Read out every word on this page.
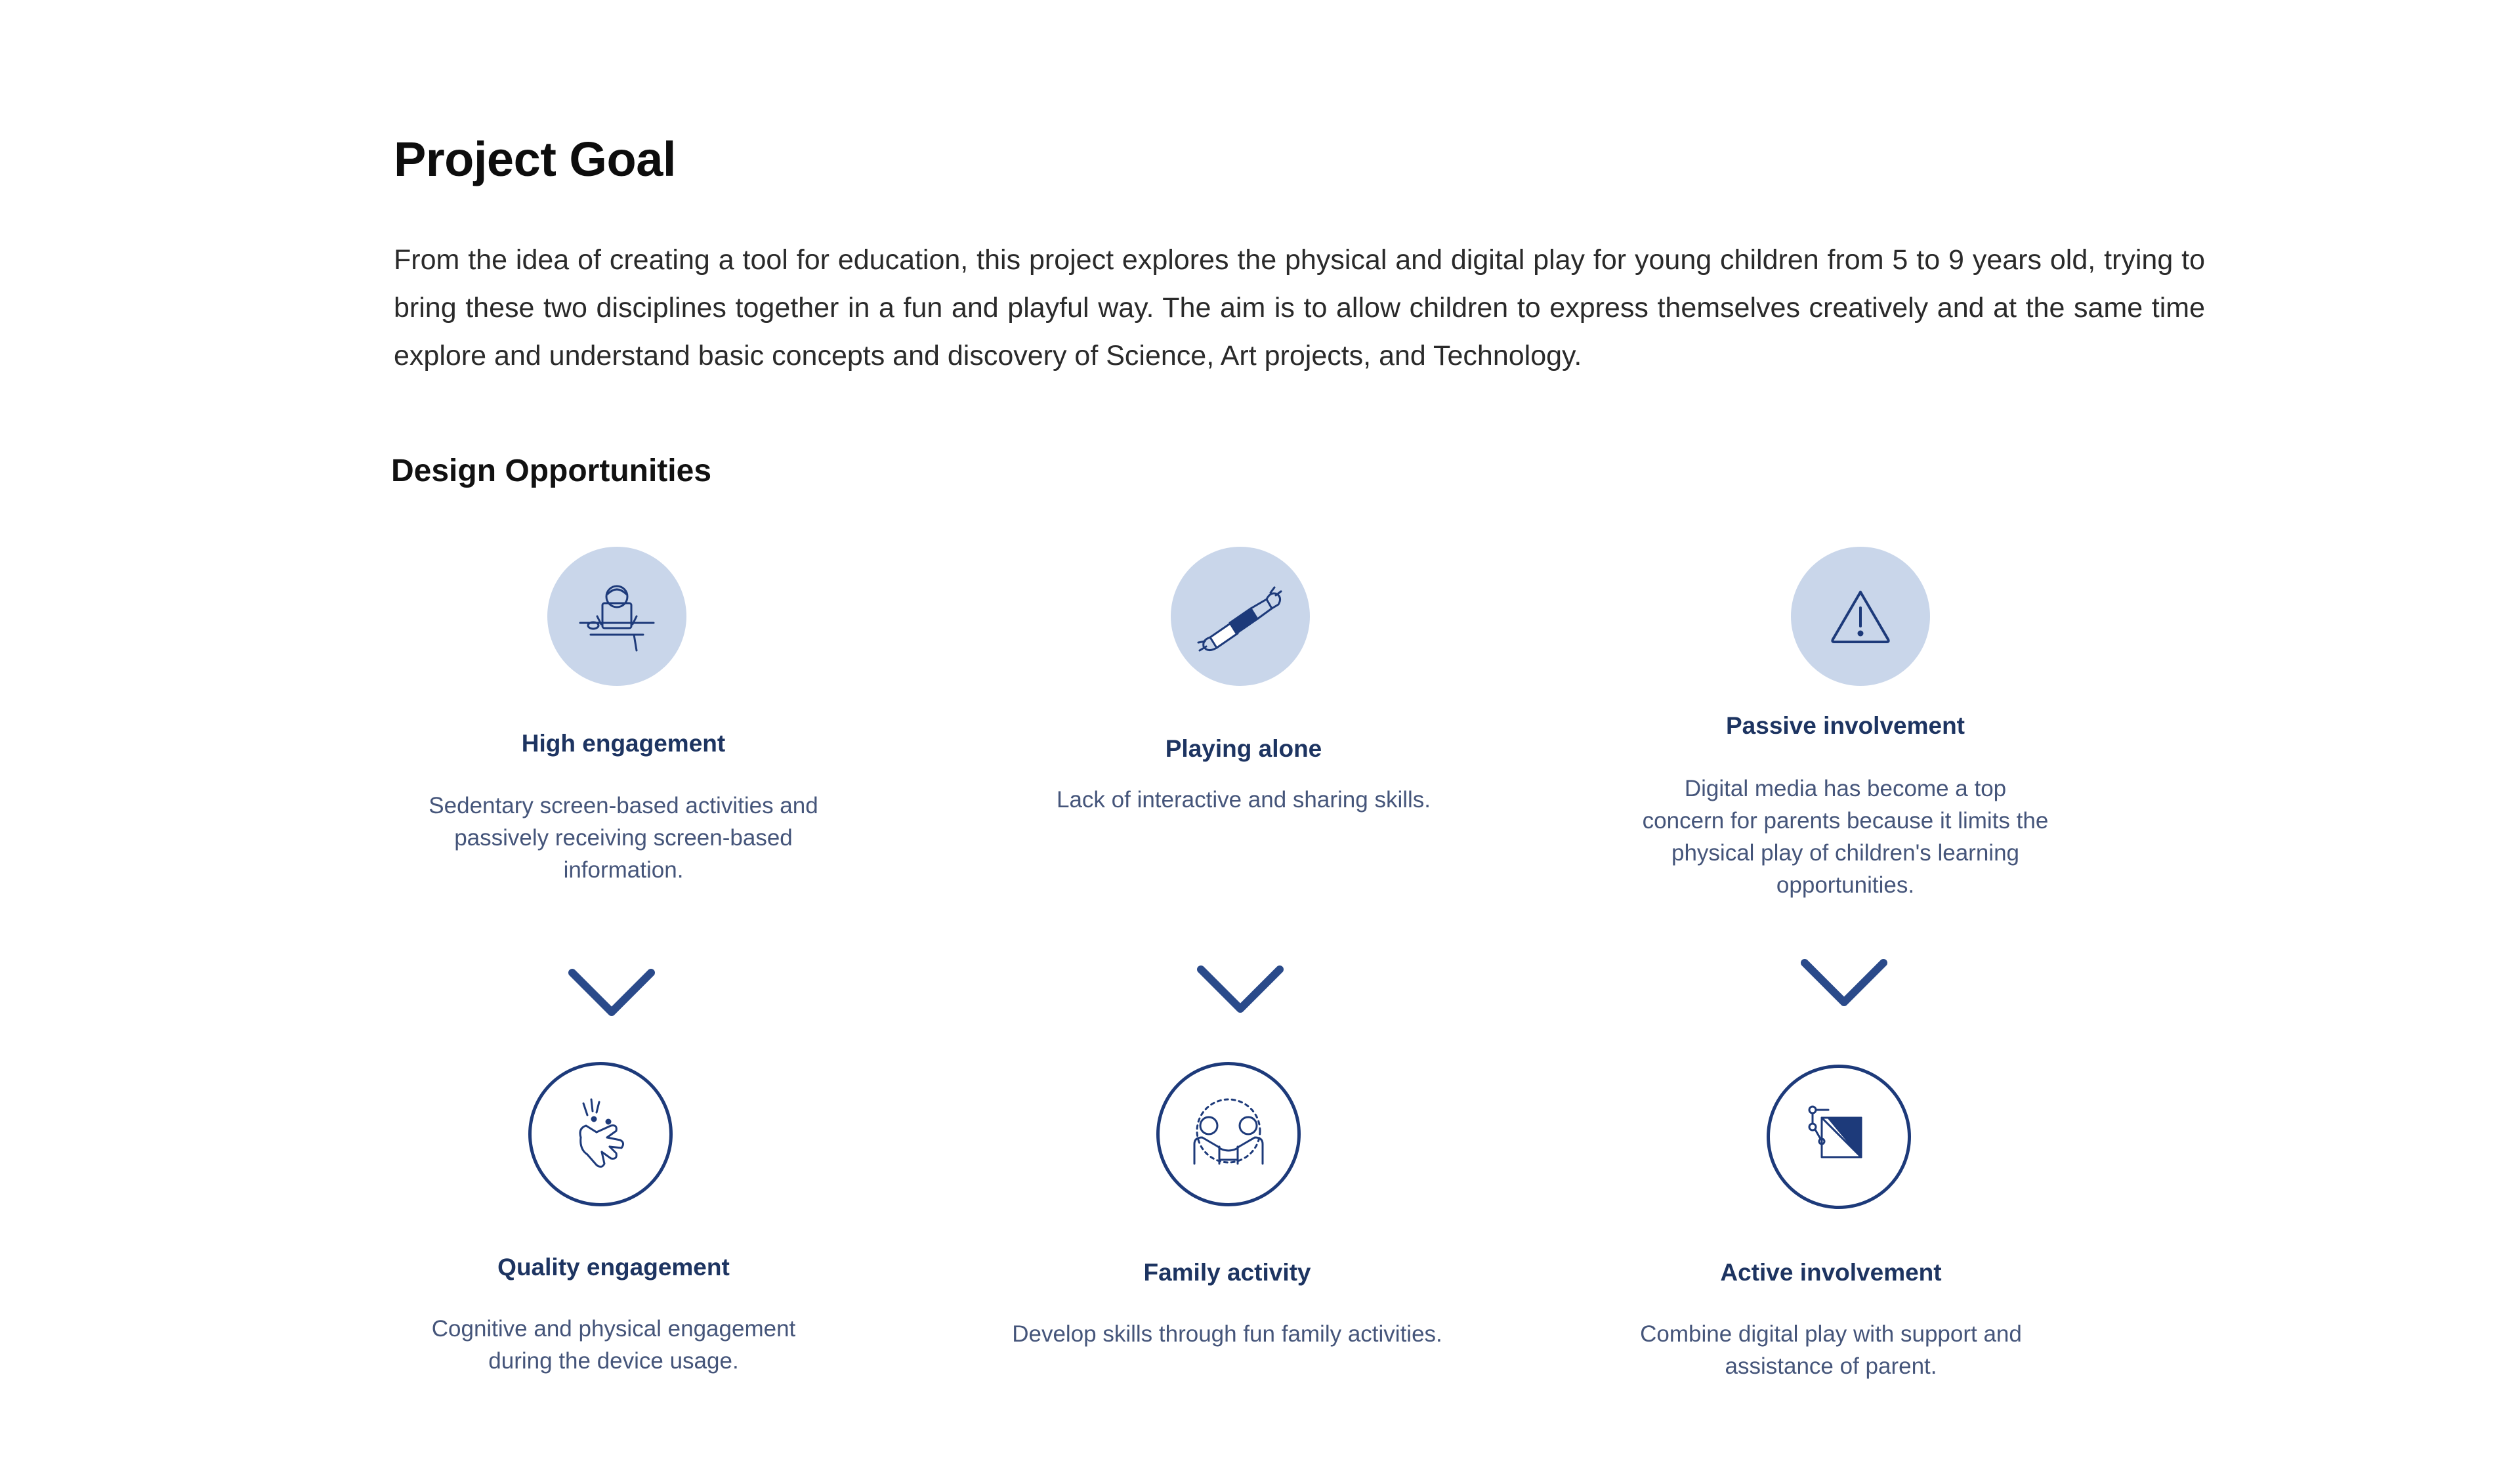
Project Goal

From the idea of creating a tool for education, this project explores the physical and digital play for young children from 5 to 9 years old, trying to bring these two disciplines together in a fun and playful way. The aim is to allow children to express themselves creatively and at the same time explore and understand basic concepts and discovery of Science, Art projects, and Technology.

Design Opportunities
High engagement
Sedentary screen-based activities and passively receiving screen-based information.
Playing alone
Lack of interactive and sharing skills.
Passive involvement
Digital media has become a top concern for parents because it limits the physical play of children's learning opportunities.
Quality engagement
Cognitive and physical engagement during the device usage.
Family activity
Develop skills through fun family activities.
Active involvement
Combine digital play with support and assistance of parent.
